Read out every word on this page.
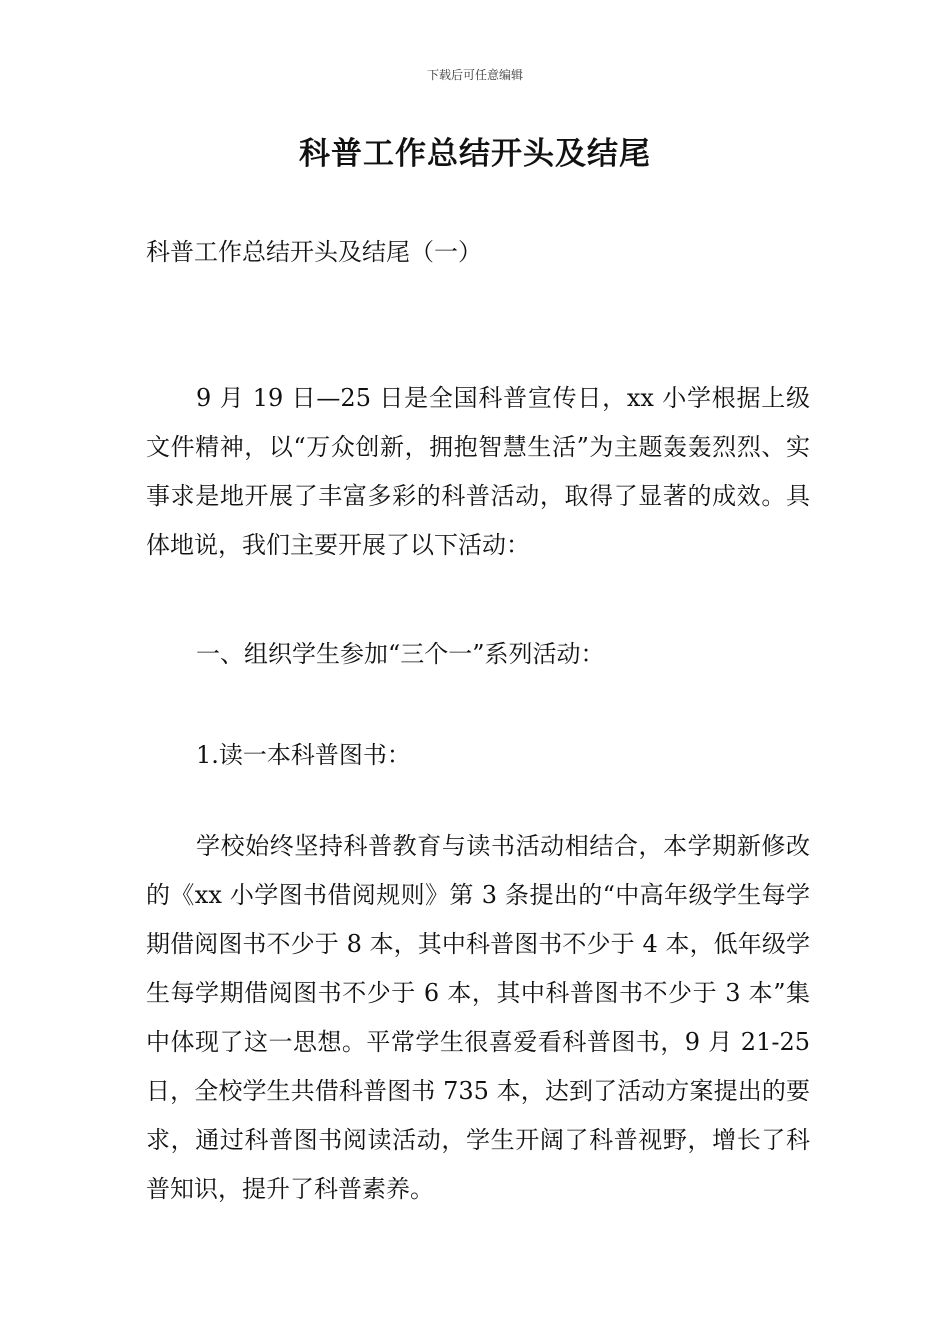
下载后可任意编辑
科普工作总结开头及结尾
科普工作总结开头及结尾（一）

9 月 19 日—25 日是全国科普宣传日，xx 小学根据上级文件精神，以“万众创新，拥抱智慧生活”为主题轰轰烈烈、实事求是地开展了丰富多彩的科普活动，取得了显著的成效。具体地说，我们主要开展了以下活动：

一、组织学生参加“三个一”系列活动：

1.读一本科普图书：

学校始终坚持科普教育与读书活动相结合，本学期新修改的《xx 小学图书借阅规则》第 3 条提出的“中高年级学生每学期借阅图书不少于 8 本，其中科普图书不少于 4 本，低年级学生每学期借阅图书不少于 6 本，其中科普图书不少于 3 本”集中体现了这一思想。平常学生很喜爱看科普图书，9 月 21-25 日，全校学生共借科普图书 735 本，达到了活动方案提出的要求，通过科普图书阅读活动，学生开阔了科普视野，增长了科普知识，提升了科普素养。
